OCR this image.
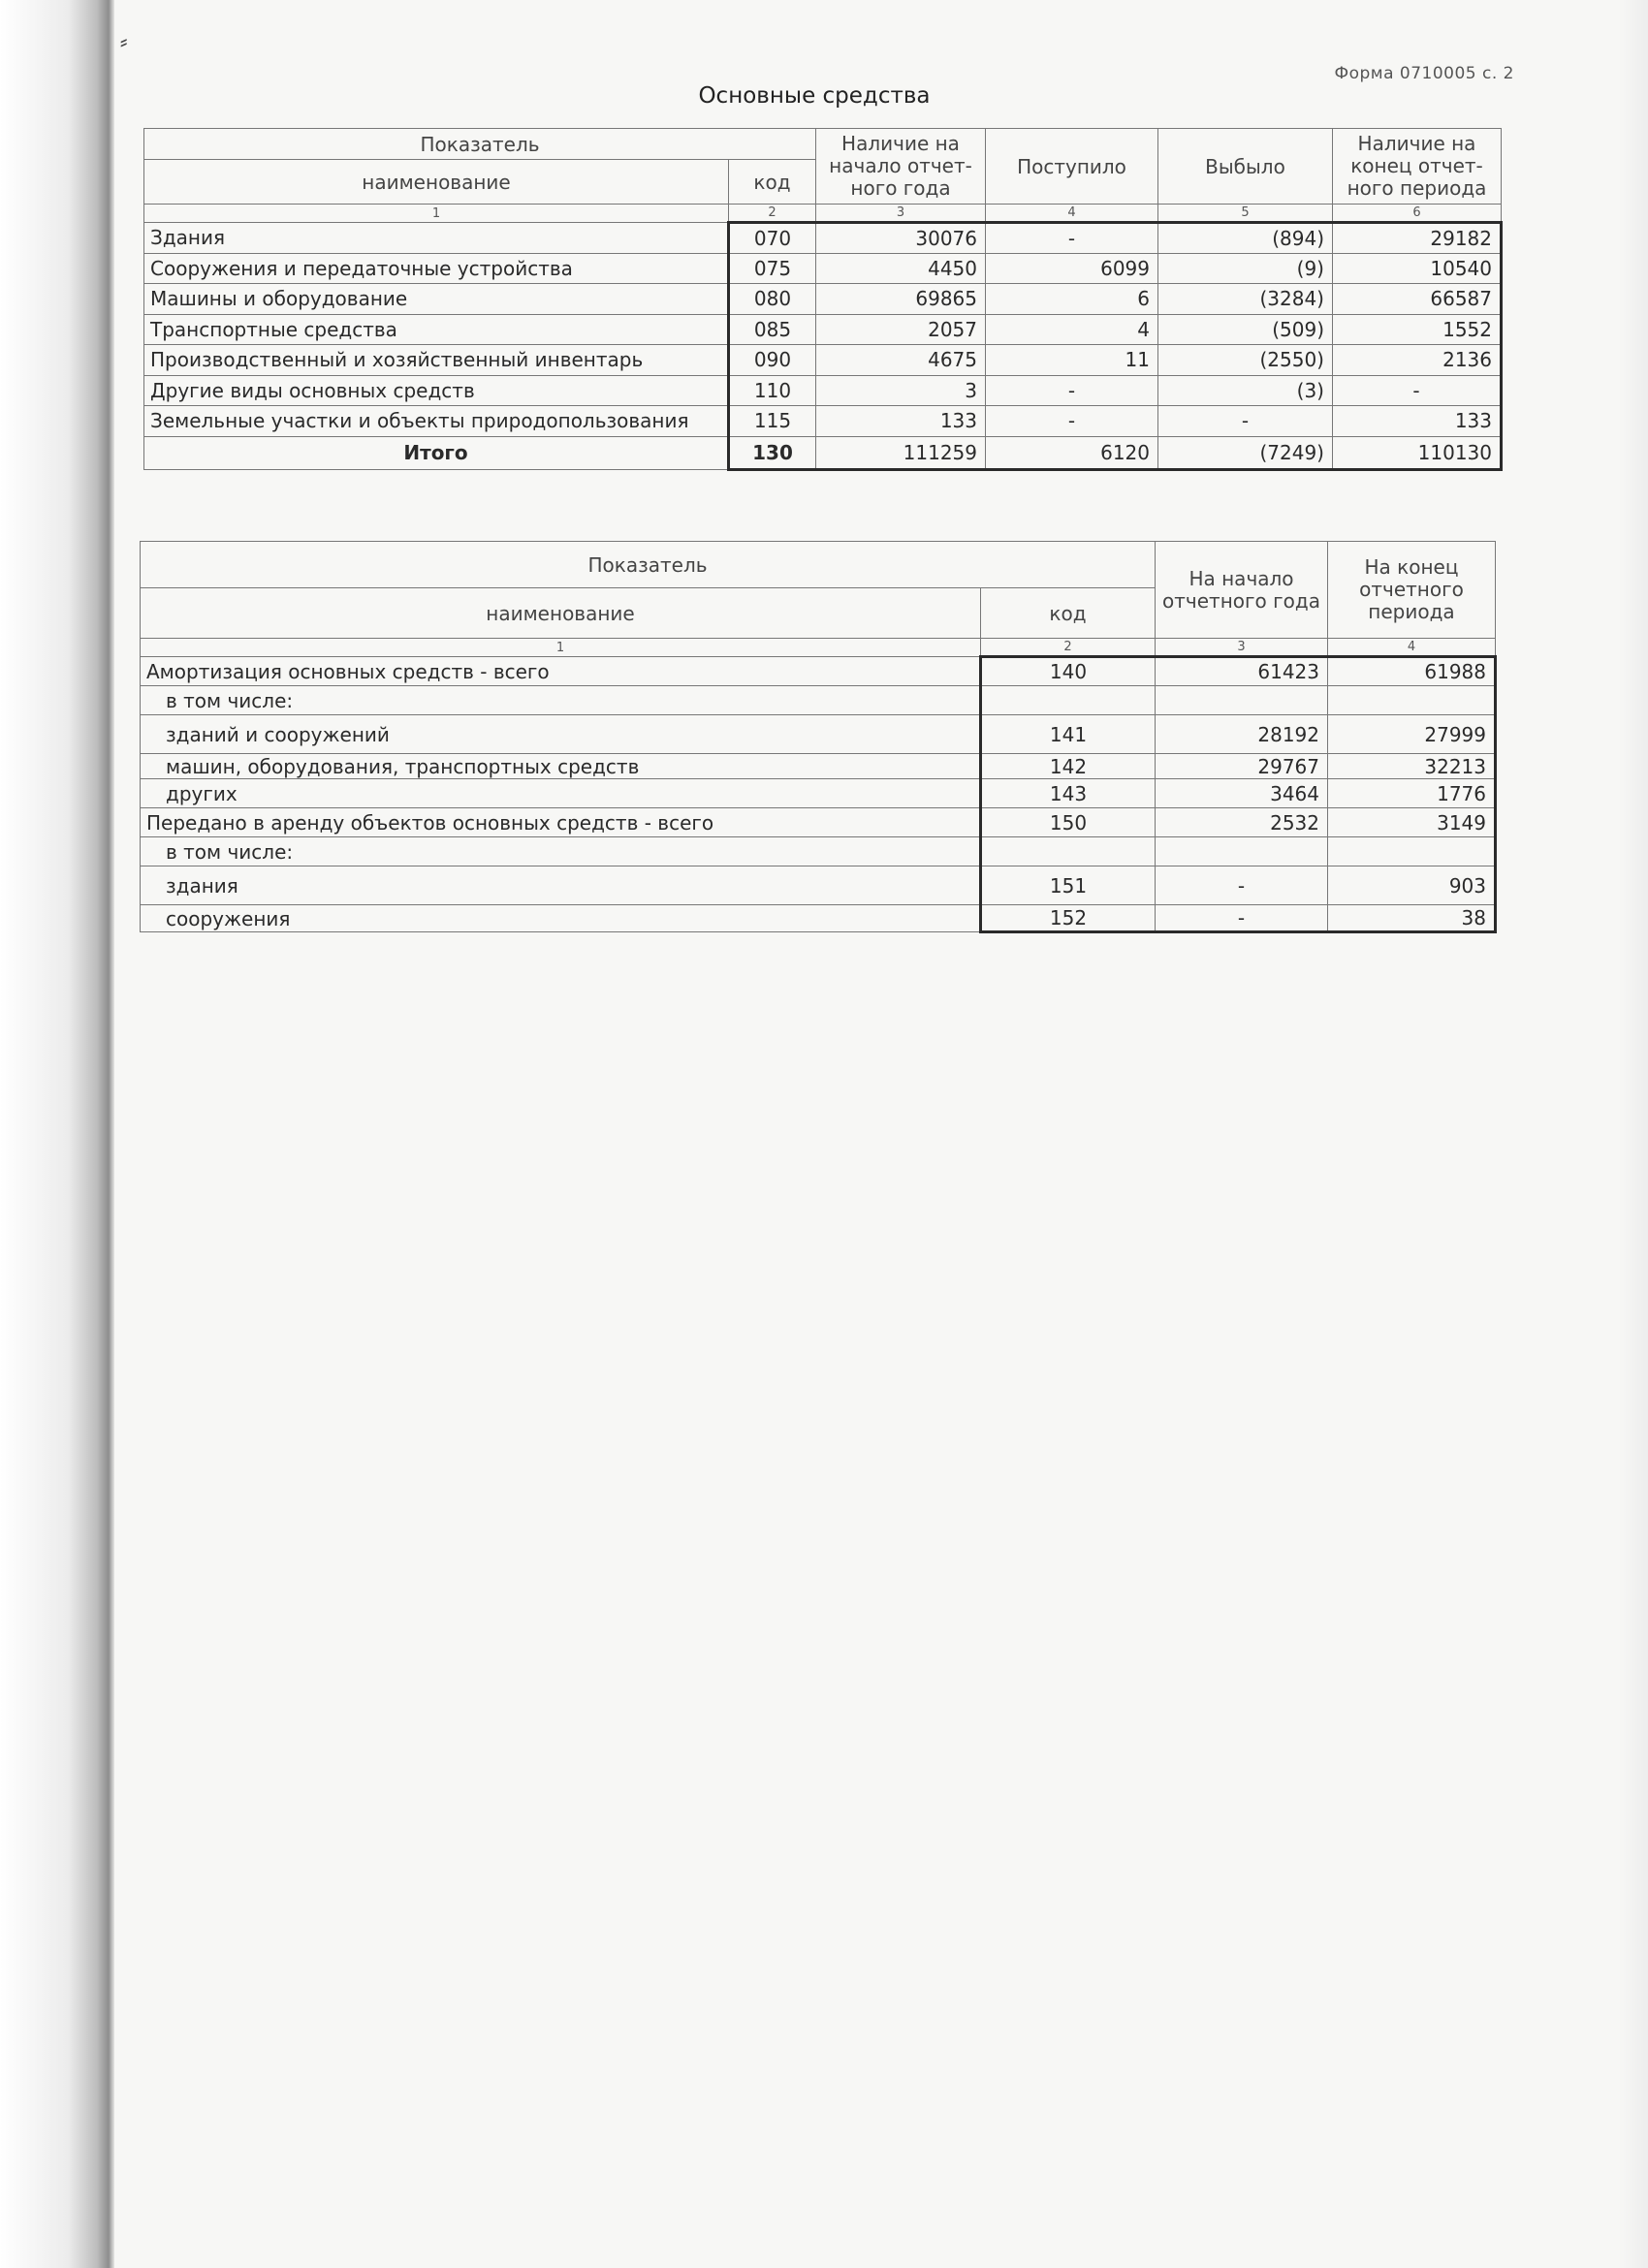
⸗
Форма 0710005 с. 2
Основные средства
Показатель		Наличие на начало отчет-ного года	Поступило	Выбыло	Наличие на конец отчет-ного периода
наименование	код				
1	2	3	4	5	6
Здания	070	30076	-	(894)	29182
Сооружения и передаточные устройства	075	4450	6099	(9)	10540
Машины и оборудование	080	69865	6	(3284)	66587
Транспортные средства	085	2057	4	(509)	1552
Производственный и хозяйственный инвентарь	090	4675	11	(2550)	2136
Другие виды основных средств	110	3	-	(3)	-
Земельные участки и объекты природопользования	115	133	-	-	133
Итого	130	111259	6120	(7249)	110130
Показатель		На начало отчетного года	На конец отчетного периода
наименование	код		
1	2	3	4
Амортизация основных средств - всего	140	61423	61988
в том числе:			
зданий и сооружений	141	28192	27999
машин, оборудования, транспортных средств	142	29767	32213
других	143	3464	1776
Передано в аренду объектов основных средств - всего	150	2532	3149
в том числе:			
здания	151	-	903
сооружения	152	-	38
